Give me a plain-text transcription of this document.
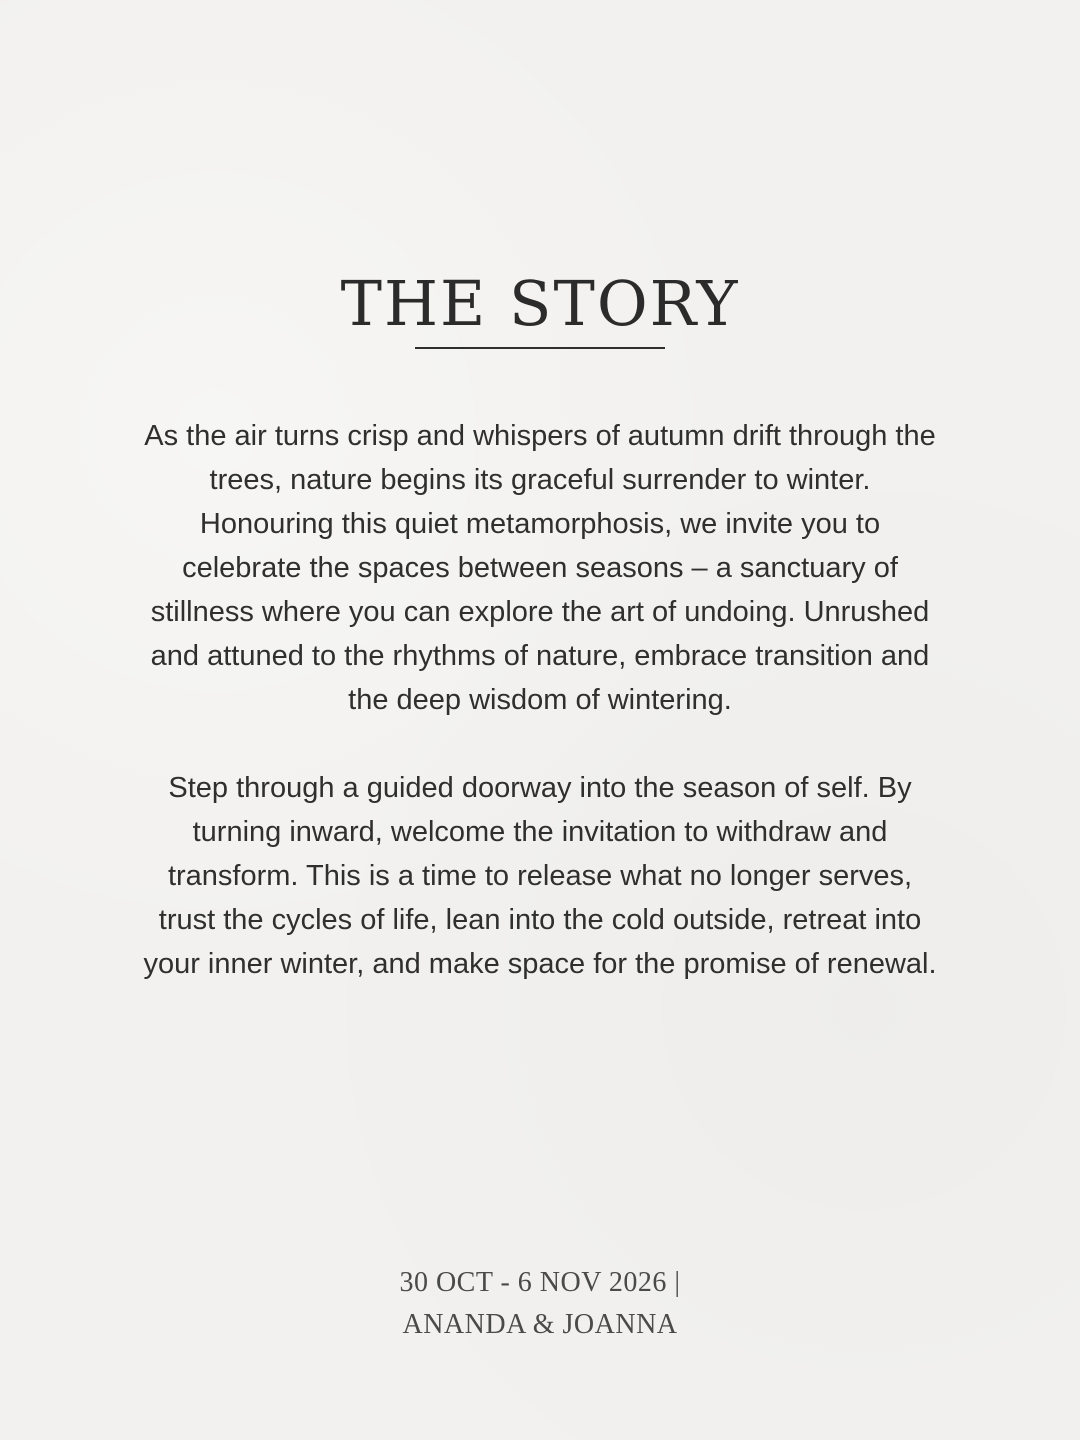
THE STORY

As the air turns crisp and whispers of autumn drift through the trees, nature begins its graceful surrender to winter. Honouring this quiet metamorphosis, we invite you to celebrate the spaces between seasons – a sanctuary of stillness where you can explore the art of undoing. Unrushed and attuned to the rhythms of nature, embrace transition and the deep wisdom of wintering.

Step through a guided doorway into the season of self. By turning inward, welcome the invitation to withdraw and transform. This is a time to release what no longer serves, trust the cycles of life, lean into the cold outside, retreat into your inner winter, and make space for the promise of renewal.

30 OCT - 6 NOV 2026 |
ANANDA & JOANNA
